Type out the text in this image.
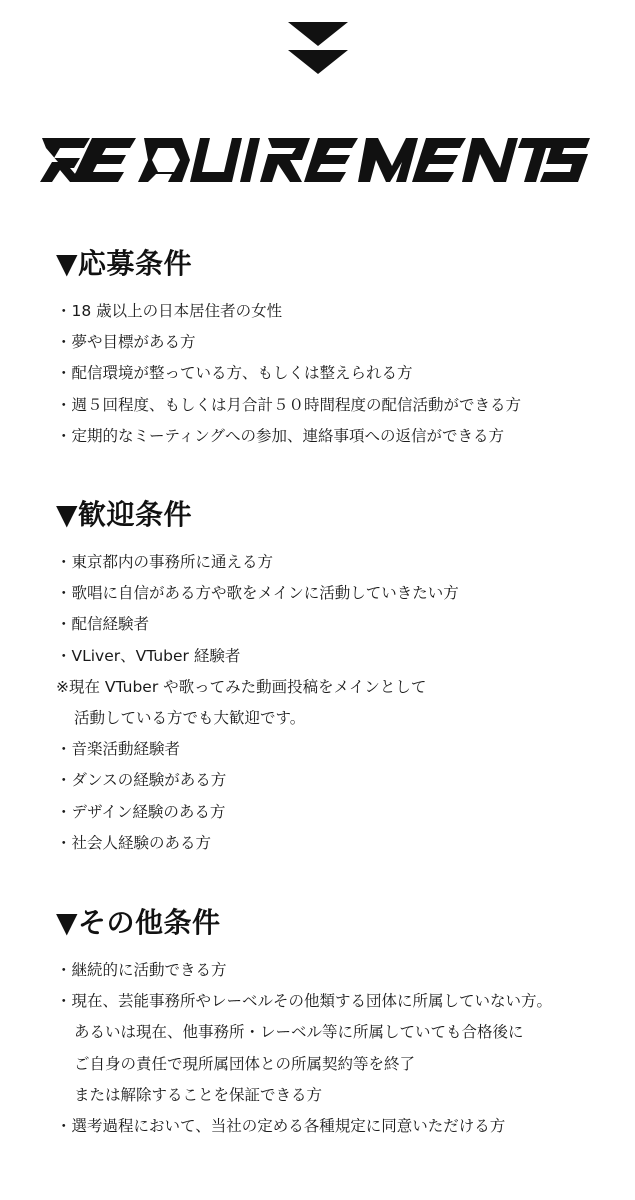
▼応募条件
・18 歳以上の日本居住者の女性
・夢や目標がある方
・配信環境が整っている方、もしくは整えられる方
・週５回程度、もしくは月合計５０時間程度の配信活動ができる方
・定期的なミーティングへの参加、連絡事項への返信ができる方
▼歓迎条件
・東京都内の事務所に通える方
・歌唱に自信がある方や歌をメインに活動していきたい方
・配信経験者
・VLiver、VTuber 経験者
※現在 VTuber や歌ってみた動画投稿をメインとして
活動している方でも大歓迎です。
・音楽活動経験者
・ダンスの経験がある方
・デザイン経験のある方
・社会人経験のある方
▼その他条件
・継続的に活動できる方
・現在、芸能事務所やレーベルその他類する団体に所属していない方。
あるいは現在、他事務所・レーベル等に所属していても合格後に
ご自身の責任で現所属団体との所属契約等を終了
または解除することを保証できる方
・選考過程において、当社の定める各種規定に同意いただける方
